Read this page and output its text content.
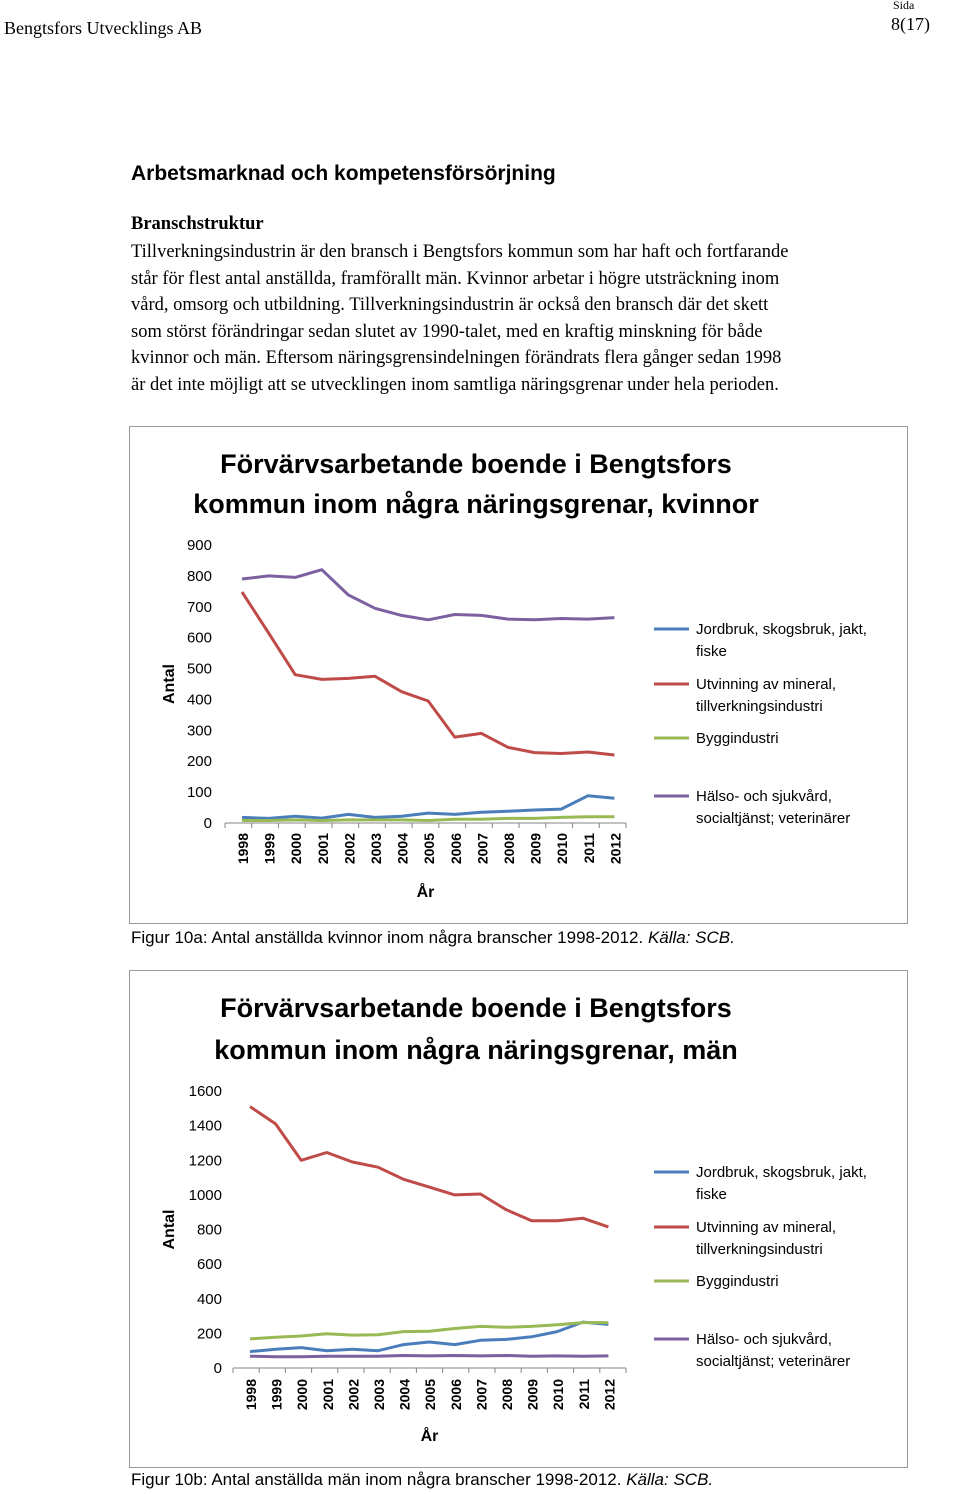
Bengtsfors Utvecklings AB
Sida
8(17)
Arbetsmarknad och kompetensförsörjning
Branschstruktur
Tillverkningsindustrin är den bransch i Bengtsfors kommun som har haft och fortfarande
står för flest antal anställda, framförallt män. Kvinnor arbetar i högre utsträckning inom
vård, omsorg och utbildning. Tillverkningsindustrin är också den bransch där det skett
som störst förändringar sedan slutet av 1990-talet, med en kraftig minskning för både
kvinnor och män. Eftersom näringsgrensindelningen förändrats flera gånger sedan 1998
är det inte möjligt att se utvecklingen inom samtliga näringsgrenar under hela perioden.
Förvärvsarbetande boende i Bengtsfors
kommun inom några näringsgrenar, kvinnor
0
100
200
300
400
500
600
700
800
900
Antal
1998 1999 2000 2001 2002 2003 2004 2005 2006 2007 2008 2009 2010 2011 2012
År
Jordbruk, skogsbruk, jakt,
fiske
Utvinning av mineral,
tillverkningsindustri
Byggindustri
Hälso- och sjukvård,
socialtjänst; veterinärer
Figur 10a: Antal anställda kvinnor inom några branscher 1998-2012. Källa: SCB.
Förvärvsarbetande boende i Bengtsfors
kommun inom några näringsgrenar, män
0
200
400
600
800
1000
1200
1400
1600
Antal
1998 1999 2000 2001 2002 2003 2004 2005 2006 2007 2008 2009 2010 2011 2012
År
Jordbruk, skogsbruk, jakt,
fiske
Utvinning av mineral,
tillverkningsindustri
Byggindustri
Hälso- och sjukvård,
socialtjänst; veterinärer
Figur 10b: Antal anställda män inom några branscher 1998-2012. Källa: SCB.
